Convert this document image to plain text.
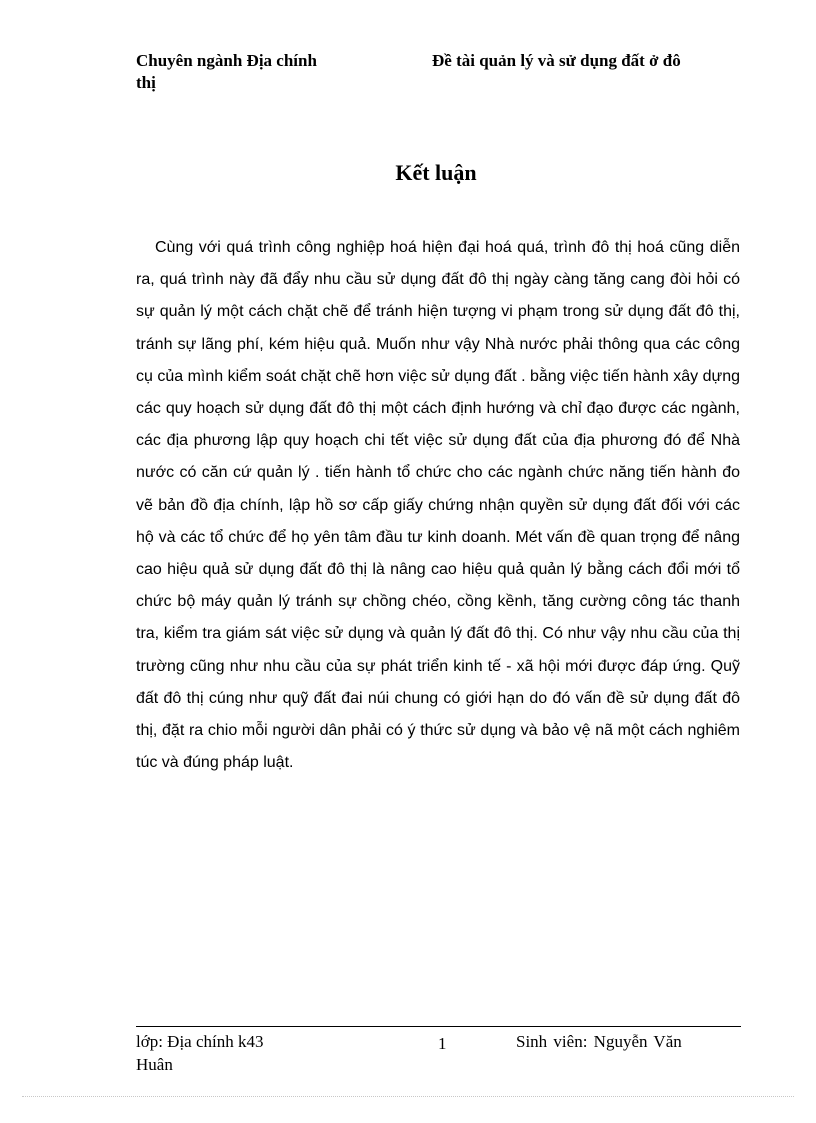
Chuyên ngành Địa chính	Đề tài quản lý và sử dụng đất ở đô
thị
Kết luận
Cùng với quá trình công nghiệp hoá hiện đại hoá quá, trình đô thị hoá cũng diễn ra, quá trình này đã đẩy nhu cầu sử dụng đất đô thị ngày càng tăng cang đòi hỏi có sự quản lý một cách chặt chẽ để tránh hiện tượng vi phạm trong sử dụng đất đô thị, tránh sự lãng phí, kém hiệu quả. Muốn như vậy Nhà nước phải thông qua các công cụ của mình kiểm soát chặt chẽ hơn việc sử dụng đất . bằng việc tiến hành xây dựng các quy hoạch sử dụng đất đô thị một cách định hướng và chỉ đạo được các ngành, các địa phương lập quy hoạch chi tết việc sử dụng đất của địa phương đó để Nhà nước có căn cứ quản lý . tiến hành tổ chức cho các ngành chức năng tiến hành đo vẽ bản đồ địa chính, lập hồ sơ cấp giấy chứng nhận quyền sử dụng đất đối với các hộ và các tổ chức để họ yên tâm đầu tư kinh doanh. Mét vấn đề quan trọng để nâng cao hiệu quả sử dụng đất đô thị là nâng cao hiệu quả quản lý bằng cách đổi mới tổ chức bộ máy quản lý tránh sự chồng chéo, cồng kềnh, tăng cường công tác thanh tra, kiểm tra giám sát việc sử dụng và quản lý đất đô thị. Có như vậy nhu cầu của thị trường cũng như nhu cầu của sự phát triển kinh tế - xã hội mới được đáp ứng. Quỹ đất đô thị cúng như quỹ đất đai núi chung có giới hạn do đó vấn đề sử dụng đất đô thị, đặt ra chio mỗi người dân phải có ý thức sử dụng và bảo vệ nã một cách nghiêm túc và đúng pháp luật.
lớp: Địa chính k43	1	Sinh viên: Nguyễn Văn
Huân
